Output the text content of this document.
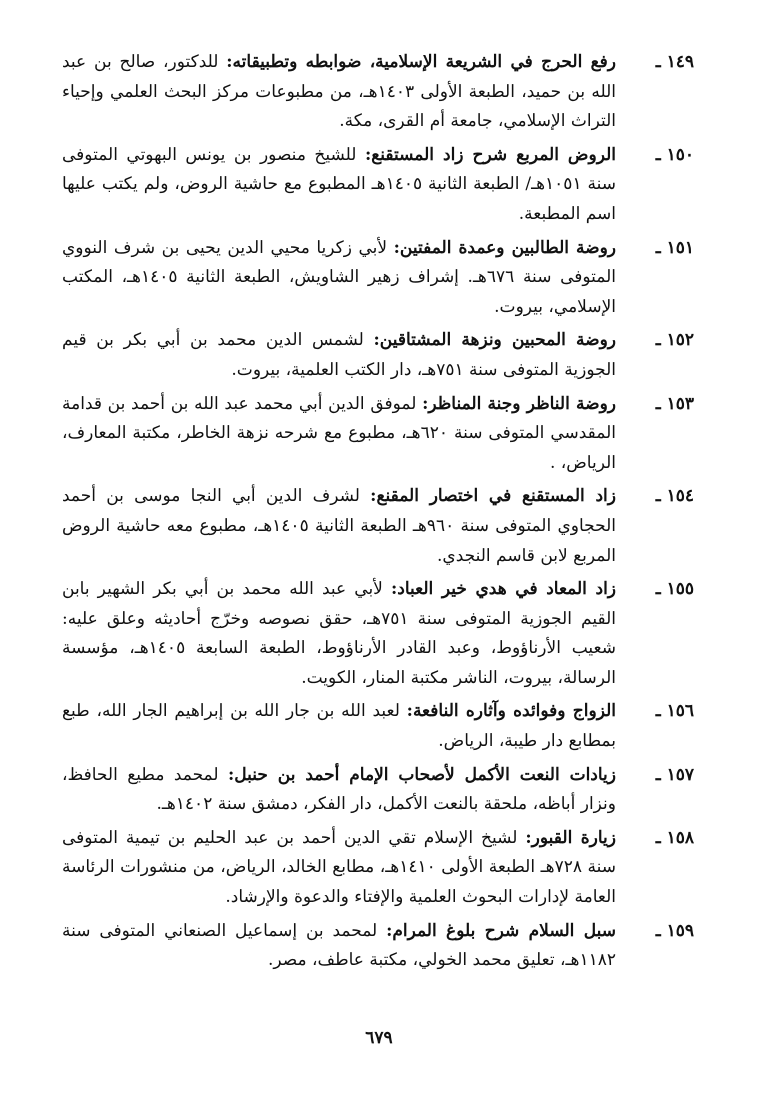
١٤٩ ـ
رفع الحرج في الشريعة الإسلامية، ضوابطه وتطبيقاته: للدكتور، صالح بن عبد الله بن حميد، الطبعة الأولى ١٤٠٣هـ، من مطبوعات مركز البحث العلمي وإحياء التراث الإسلامي، جامعة أم القرى، مكة.
١٥٠ ـ
الروض المربع شرح زاد المستقنع: للشيخ منصور بن يونس البهوتي المتوفى سنة ١٠٥١هـ/ الطبعة الثانية ١٤٠٥هـ المطبوع مع حاشية الروض، ولم يكتب عليها اسم المطبعة.
١٥١ ـ
روضة الطالبين وعمدة المفتين: لأبي زكريا محيي الدين يحيى بن شرف النووي المتوفى سنة ٦٧٦هـ. إشراف زهير الشاويش، الطبعة الثانية ١٤٠٥هـ، المكتب الإسلامي، بيروت.
١٥٢ ـ
روضة المحبين ونزهة المشتاقين: لشمس الدين محمد بن أبي بكر بن قيم الجوزية المتوفى سنة ٧٥١هـ، دار الكتب العلمية، بيروت.
١٥٣ ـ
روضة الناظر وجنة المناظر: لموفق الدين أبي محمد عبد الله بن أحمد بن قدامة المقدسي المتوفى سنة ٦٢٠هـ، مطبوع مع شرحه نزهة الخاطر، مكتبة المعارف، الرياض، .
١٥٤ ـ
زاد المستقنع في اختصار المقنع: لشرف الدين أبي النجا موسى بن أحمد الحجاوي المتوفى سنة ٩٦٠هـ الطبعة الثانية ١٤٠٥هـ، مطبوع معه حاشية الروض المربع لابن قاسم النجدي.
١٥٥ ـ
زاد المعاد في هدي خير العباد: لأبي عبد الله محمد بن أبي بكر الشهير بابن القيم الجوزية المتوفى سنة ٧٥١هـ، حقق نصوصه وخرّج أحاديثه وعلق عليه: شعيب الأرناؤوط، وعبد القادر الأرناؤوط، الطبعة السابعة ١٤٠٥هـ، مؤسسة الرسالة، بيروت، الناشر مكتبة المنار، الكويت.
١٥٦ ـ
الزواج وفوائده وآثاره النافعة: لعبد الله بن جار الله بن إبراهيم الجار الله، طبع بمطابع دار طيبة، الرياض.
١٥٧ ـ
زيادات النعت الأكمل لأصحاب الإمام أحمد بن حنبل: لمحمد مطيع الحافظ، ونزار أباظه، ملحقة بالنعت الأكمل، دار الفكر، دمشق سنة ١٤٠٢هـ.
١٥٨ ـ
زيارة القبور: لشيخ الإسلام تقي الدين أحمد بن عبد الحليم بن تيمية المتوفى سنة ٧٢٨هـ الطبعة الأولى ١٤١٠هـ، مطابع الخالد، الرياض، من منشورات الرئاسة العامة لإدارات البحوث العلمية والإفتاء والدعوة والإرشاد.
١٥٩ ـ
سبل السلام شرح بلوغ المرام: لمحمد بن إسماعيل الصنعاني المتوفى سنة ١١٨٢هـ، تعليق محمد الخولي، مكتبة عاطف، مصر.
٦٧٩
